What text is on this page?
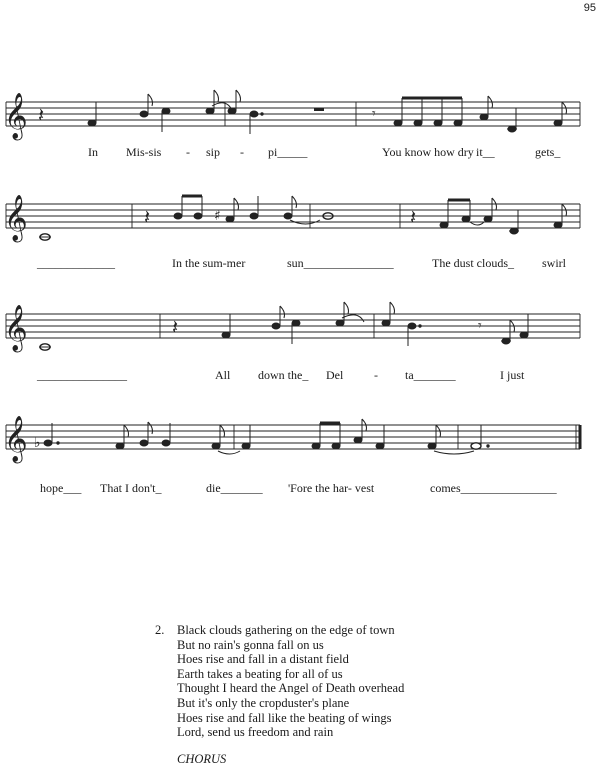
95
𝄞 𝄽	𝄾
In Mis-sis - sip - pi_____	You know how dry it__	gets_
𝄞	𝄽	♯	𝄽
_____________	In the sum-mer	sun_______________	The dust clouds_ swirl
𝄞	𝄽	𝄾
_______________	All down the_ Del	- ta_______	I just
𝄞 ♭
hope___ That I don't_	die_______ 'Fore the har- vest	comes________________
2. Black clouds gathering on the edge of town
But no rain's gonna fall on us
Hoes rise and fall in a distant field
Earth takes a beating for all of us
Thought I heard the Angel of Death overhead
But it's only the cropduster's plane
Hoes rise and fall like the beating of wings
Lord, send us freedom and rain
CHORUS
